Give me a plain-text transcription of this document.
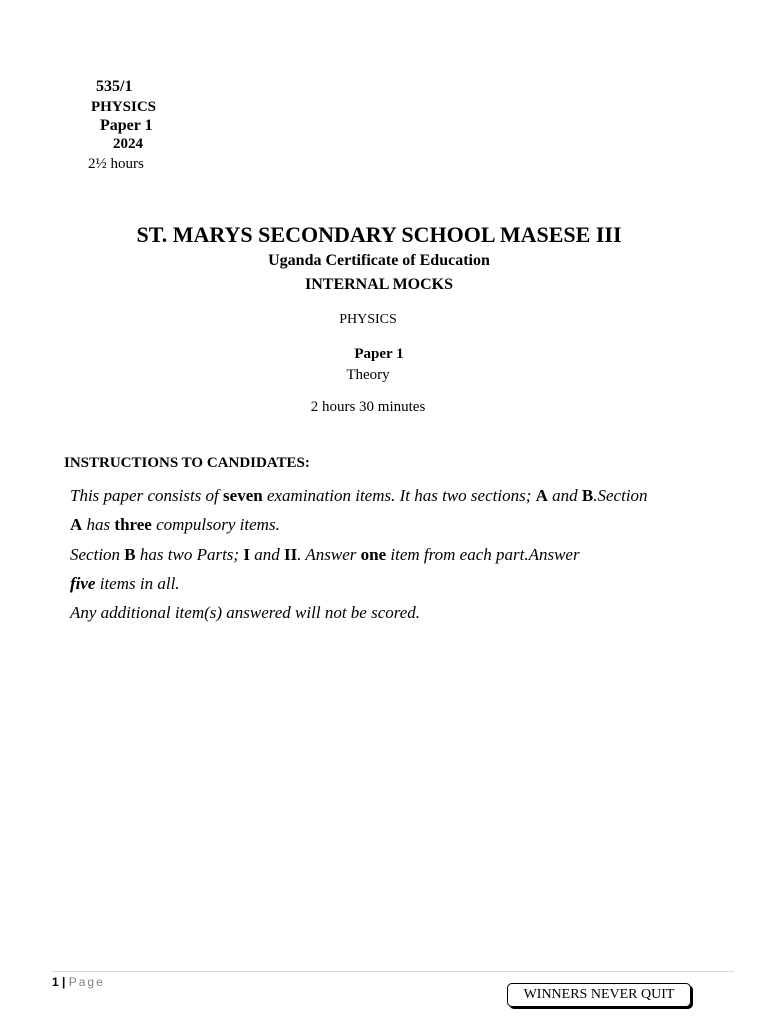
535/1
PHYSICS
Paper 1
2024
2½ hours
ST. MARYS SECONDARY SCHOOL MASESE III
Uganda Certificate of Education
INTERNAL MOCKS
PHYSICS
Paper 1
Theory
2 hours 30 minutes
INSTRUCTIONS TO CANDIDATES:
This paper consists of seven examination items. It has two sections; A and B.Section
A has three compulsory items.
Section B has two Parts; I and II. Answer one item from each part.Answer
five items in all.
Any additional item(s) answered will not be scored.
1 | Page
WINNERS NEVER QUIT
